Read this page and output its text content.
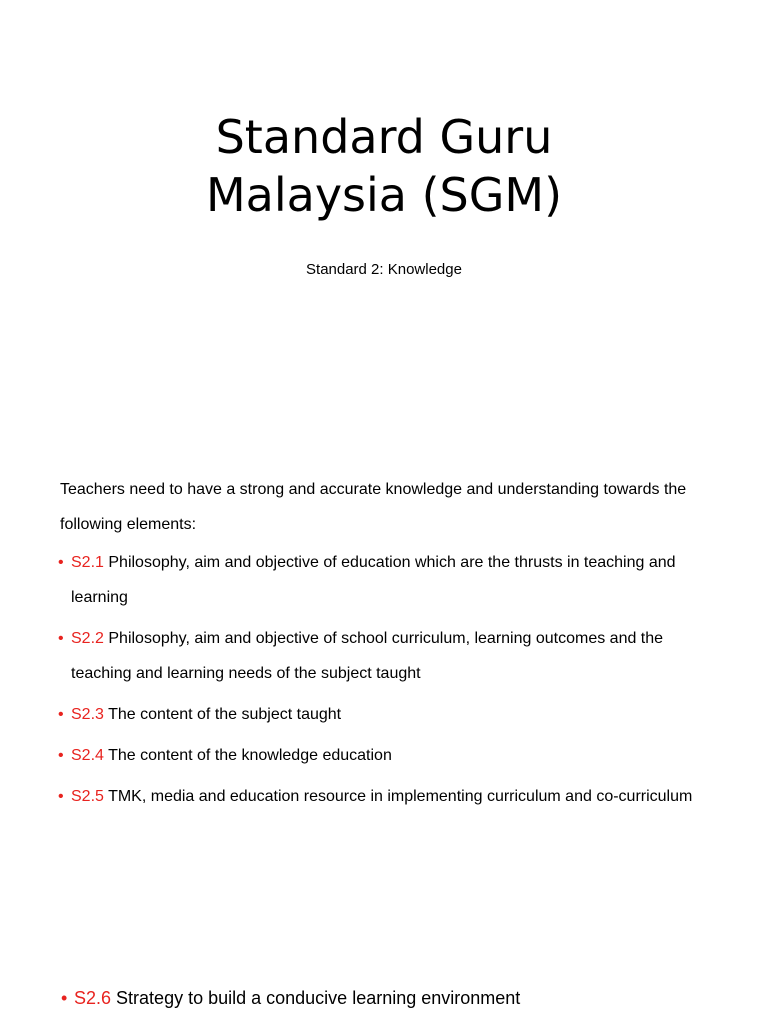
Standard Guru
Malaysia (SGM)

Standard 2: Knowledge

Teachers need to have a strong and accurate knowledge and understanding towards the following elements:

• S2.1 Philosophy, aim and objective of education which are the thrusts in teaching and learning
• S2.2 Philosophy, aim and objective of school curriculum, learning outcomes and the teaching and learning needs of the subject taught
• S2.3 The content of the subject taught
• S2.4 The content of the knowledge education
• S2.5 TMK, media and education resource in implementing curriculum and co-curriculum

• S2.6 Strategy to build a conducive learning environment
